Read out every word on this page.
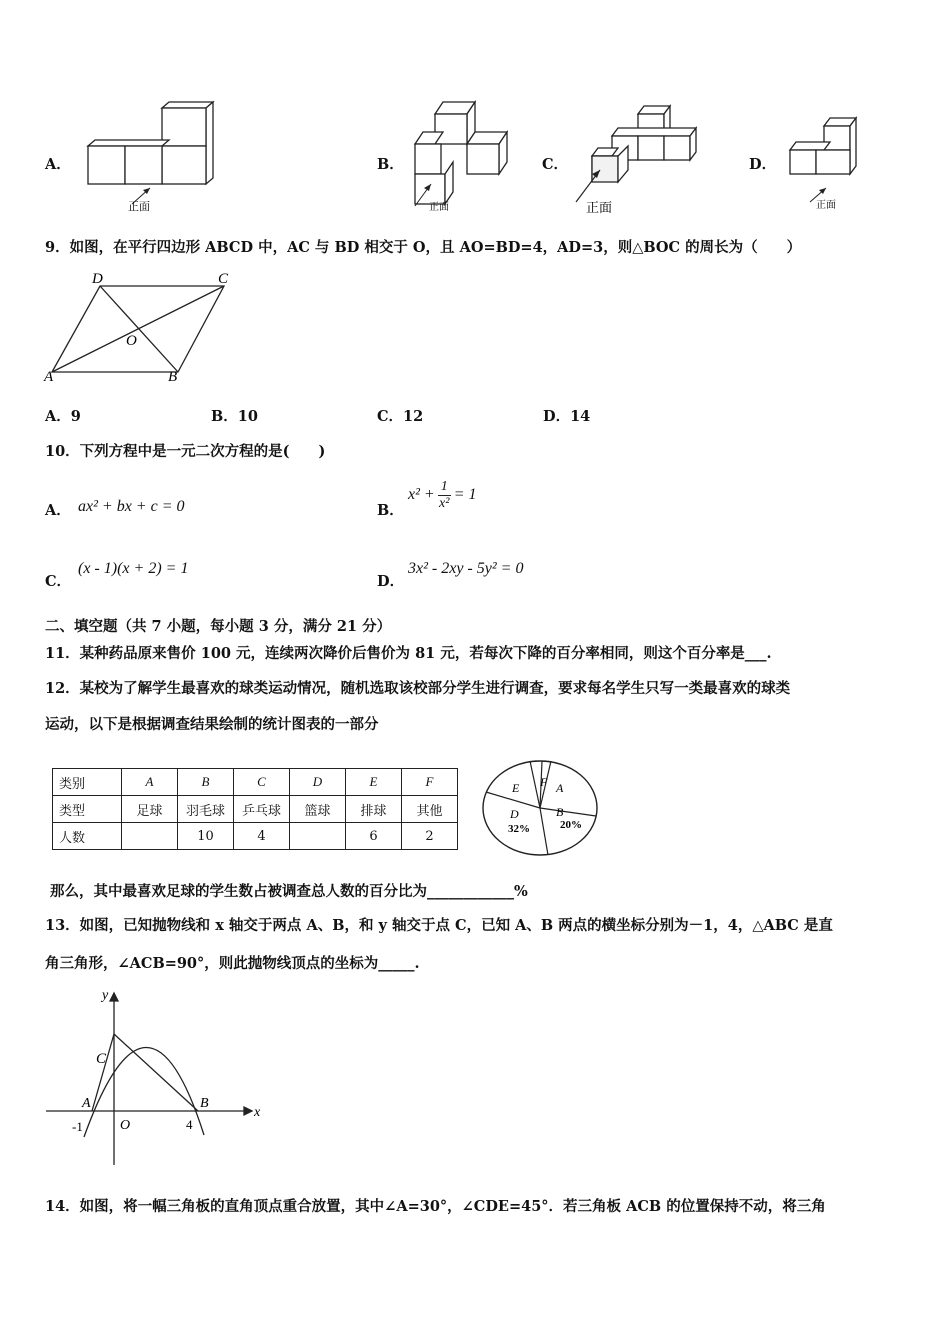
A．
正面
B．
正面
C．
正面
D．
正面
9．如图，在平行四边形 ABCD 中，AC 与 BD 相交于 O，且 AO=BD=4，AD=3，则△BOC 的周长为（　　）
D	C
O
A	B
A．9	B．10	C．12	D．14
10．下列方程中是一元二次方程的是(　　)
A． ax² + bx + c = 0	B．
$x^2 + \frac{1}{\text{x²}} = 1$
C．
(x - 1)(x + 2) = 1
D．
3x² - 2xy - 5y² = 0
二、填空题（共 7 小题，每小题 3 分，满分 21 分）
11．某种药品原来售价 100 元，连续两次降价后售价为 81 元，若每次下降的百分率相同，则这个百分率是___.
12．某校为了解学生最喜欢的球类运动情况，随机选取该校部分学生进行调查，要求每名学生只写一类最喜欢的球类
运动，以下是根据调查结果绘制的统计图表的一部分
类别	A	B	C	D	E	F
类型	足球	羽毛球	乒乓球	篮球	排球	其他
人数		10	4		6	2
F
E	A
D
32%
B
20%
那么，其中最喜欢足球的学生数占被调查总人数的百分比为____________%
13．如图，已知抛物线和 x 轴交于两点 A、B，和 y 轴交于点 C，已知 A、B 两点的横坐标分别为－1，4，△ABC 是直
角三角形，∠ACB=90°，则此抛物线顶点的坐标为_____.
y
x
C
A	B
O
-1	4
14．如图，将一幅三角板的直角顶点重合放置，其中∠A=30°，∠CDE=45°．若三角板 ACB 的位置保持不动，将三角
